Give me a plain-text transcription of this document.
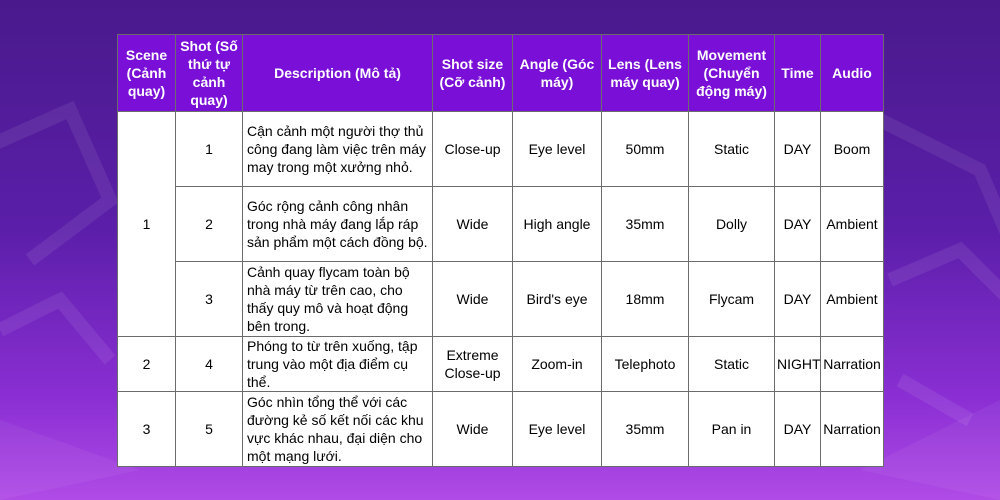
Scene (Cảnh quay)	Shot (Số thứ tự cảnh quay)	Description (Mô tả)	Shot size (Cỡ cảnh)	Angle (Góc máy)	Lens (Lens máy quay)	Movement (Chuyển động máy)	Time	Audio
1	1	Cận cảnh một người thợ thủ công đang làm việc trên máy may trong một xưởng nhỏ.	Close-up	Eye level	50mm	Static	DAY	Boom
	2	Góc rộng cảnh công nhân trong nhà máy đang lắp ráp sản phẩm một cách đồng bộ.	Wide	High angle	35mm	Dolly	DAY	Ambient
	3	Cảnh quay flycam toàn bộ nhà máy từ trên cao, cho thấy quy mô và hoạt động bên trong.	Wide	Bird's eye	18mm	Flycam	DAY	Ambient
2	4	Phóng to từ trên xuống, tập trung vào một địa điểm cụ thể.	Extreme Close-up	Zoom-in	Telephoto	Static	NIGHT	Narration
3	5	Góc nhìn tổng thể với các đường kẻ số kết nối các khu vực khác nhau, đại diện cho một mạng lưới.	Wide	Eye level	35mm	Pan in	DAY	Narration
